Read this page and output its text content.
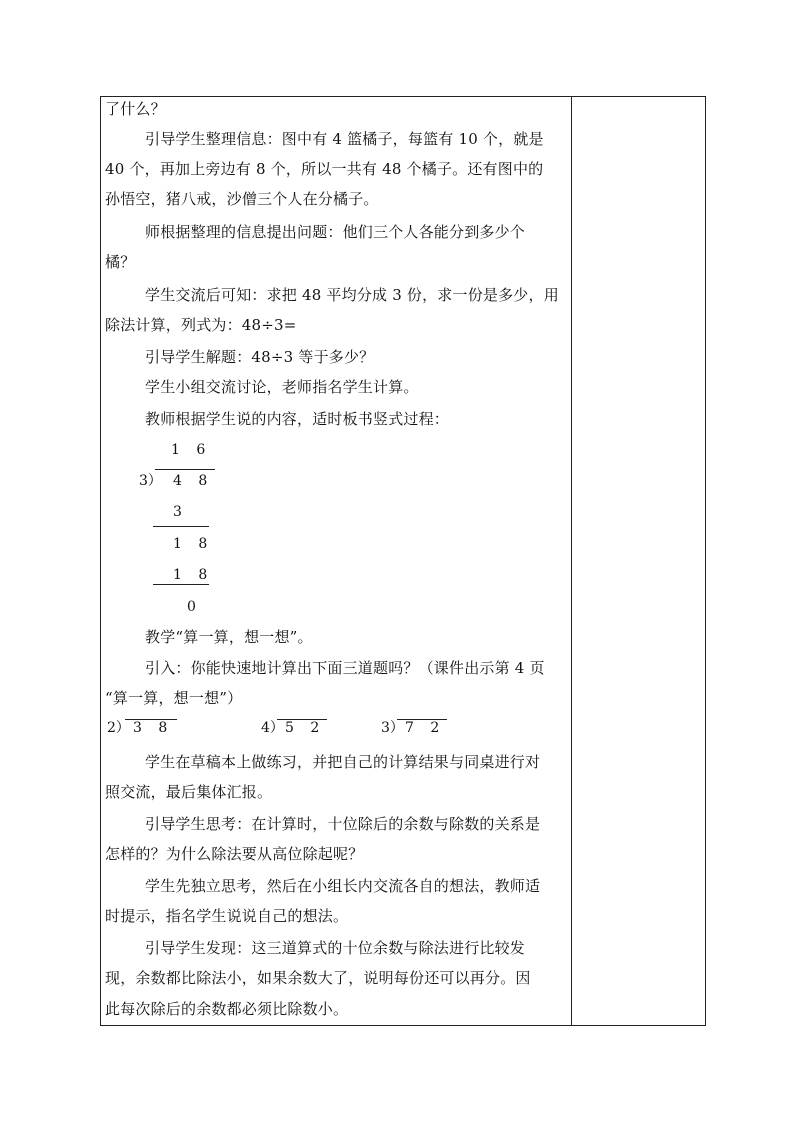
了什么？
引导学生整理信息：图中有 4 篮橘子，每篮有 10 个，就是
40 个，再加上旁边有 8 个，所以一共有 48 个橘子。还有图中的
孙悟空，猪八戒，沙僧三个人在分橘子。
师根据整理的信息提出问题：他们三个人各能分到多少个
橘？
学生交流后可知：求把 48 平均分成 3 份，求一份是多少，用
除法计算，列式为：48÷3=
引导学生解题：48÷3 等于多少？
学生小组交流讨论，老师指名学生计算。
教师根据学生说的内容，适时板书竖式过程：
1 6
3） 4 8
3
1 8
1 8
0
教学“算一算，想一想”。
引入：你能快速地计算出下面三道题吗？（课件出示第 4 页
“算一算，想一想”）
2） 3 8	4） 5 2	3） 7 2
学生在草稿本上做练习，并把自己的计算结果与同桌进行对
照交流，最后集体汇报。
引导学生思考：在计算时，十位除后的余数与除数的关系是
怎样的？为什么除法要从高位除起呢？
学生先独立思考，然后在小组长内交流各自的想法，教师适
时提示，指名学生说说自己的想法。
引导学生发现：这三道算式的十位余数与除法进行比较发
现，余数都比除法小，如果余数大了，说明每份还可以再分。因
此每次除后的余数都必须比除数小。
